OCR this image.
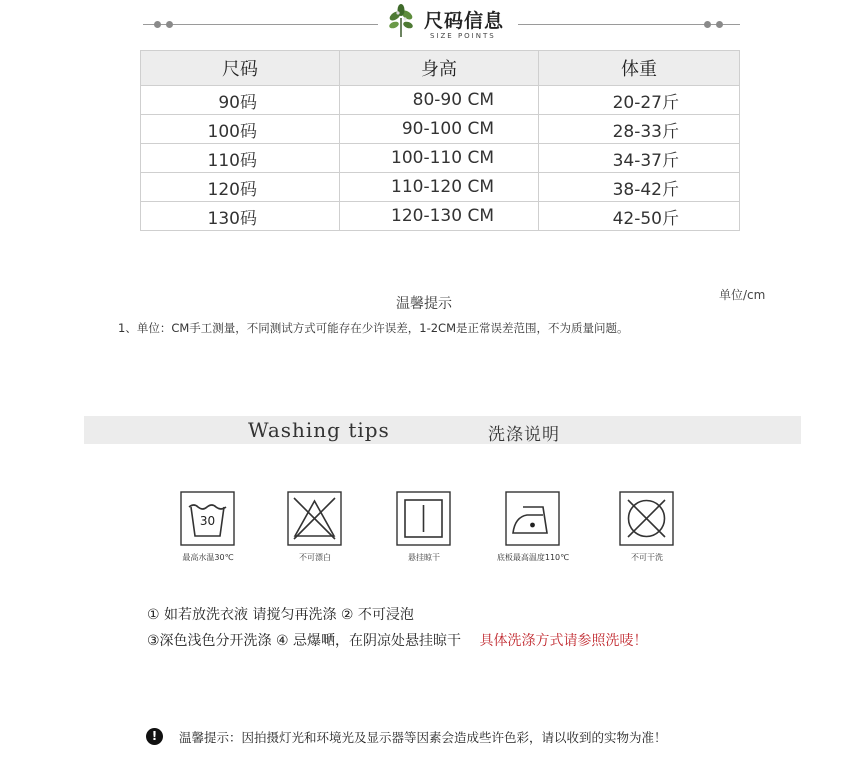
尺码信息
SIZE POINTS
尺码	身高	体重
90码	80-90 CM	20-27斤
100码	90-100 CM	28-33斤
110码	100-110 CM	34-37斤
120码	110-120 CM	38-42斤
130码	120-130 CM	42-50斤
单位/cm
温馨提示
1、单位：CM手工测量，不同测试方式可能存在少许误差，1-2CM是正常误差范围，不为质量问题。
Washing tips	洗涤说明
30
最高水温30℃	不可漂白	悬挂晾干	底板最高温度110℃	不可干洗
① 如若放洗衣液 请搅匀再洗涤 ② 不可浸泡
③深色浅色分开洗涤 ④ 忌爆嗮，在阴凉处悬挂晾干 具体洗涤方式请参照洗唛！
!	温馨提示：因拍摄灯光和环境光及显示器等因素会造成些许色彩，请以收到的实物为准！
